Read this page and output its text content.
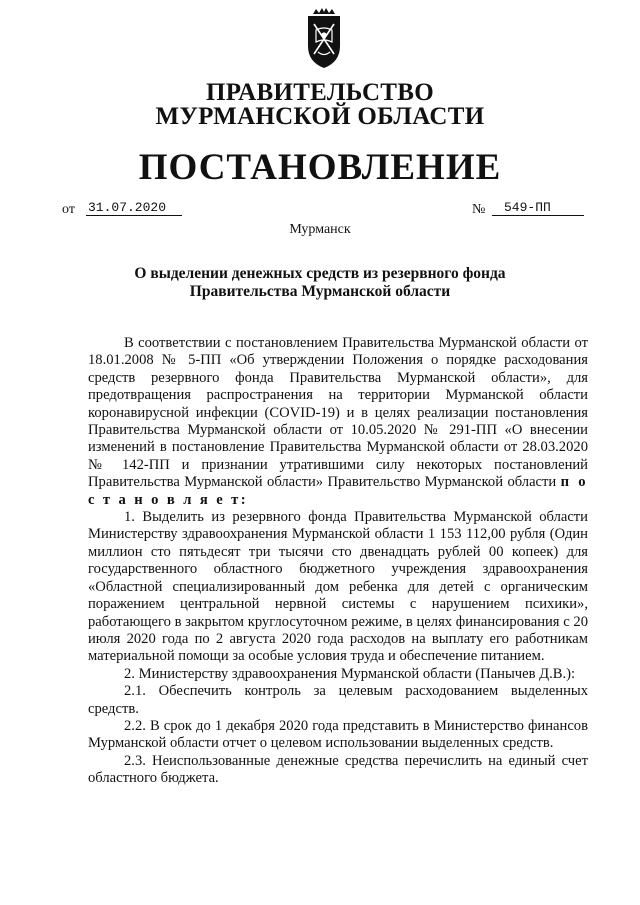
ПРАВИТЕЛЬСТВО
МУРМАНСКОЙ ОБЛАСТИ
ПОСТАНОВЛЕНИЕ
от 31.07.2020	№	549-ПП
Мурманск
О выделении денежных средств из резервного фонда
Правительства Мурманской области

В соответствии с постановлением Правительства Мурманской области от 18.01.2008 № 5-ПП «Об утверждении Положения о порядке расходования средств резервного фонда Правительства Мурманской области», для предотвращения распространения на территории Мурманской области коронавирусной инфекции (COVID-19) и в целях реализации постановления Правительства Мурманской области от 10.05.2020 № 291-ПП «О внесении изменений в постановление Правительства Мурманской области от 28.03.2020 № 142-ПП и признании утратившими силу некоторых постановлений Правительства Мурманской области» Правительство Мурманской области п о с т а н о в л я е т:

1. Выделить из резервного фонда Правительства Мурманской области Министерству здравоохранения Мурманской области 1 153 112,00 рубля (Один миллион сто пятьдесят три тысячи сто двенадцать рублей 00 копеек) для государственного областного бюджетного учреждения здравоохранения «Областной специализированный дом ребенка для детей с органическим поражением центральной нервной системы с нарушением психики», работающего в закрытом круглосуточном режиме, в целях финансирования с 20 июля 2020 года по 2 августа 2020 года расходов на выплату его работникам материальной помощи за особые условия труда и обеспечение питанием.

2. Министерству здравоохранения Мурманской области (Панычев Д.В.):

2.1. Обеспечить контроль за целевым расходованием выделенных средств.

2.2. В срок до 1 декабря 2020 года представить в Министерство финансов Мурманской области отчет о целевом использовании выделенных средств.

2.3. Неиспользованные денежные средства перечислить на единый счет областного бюджета.
